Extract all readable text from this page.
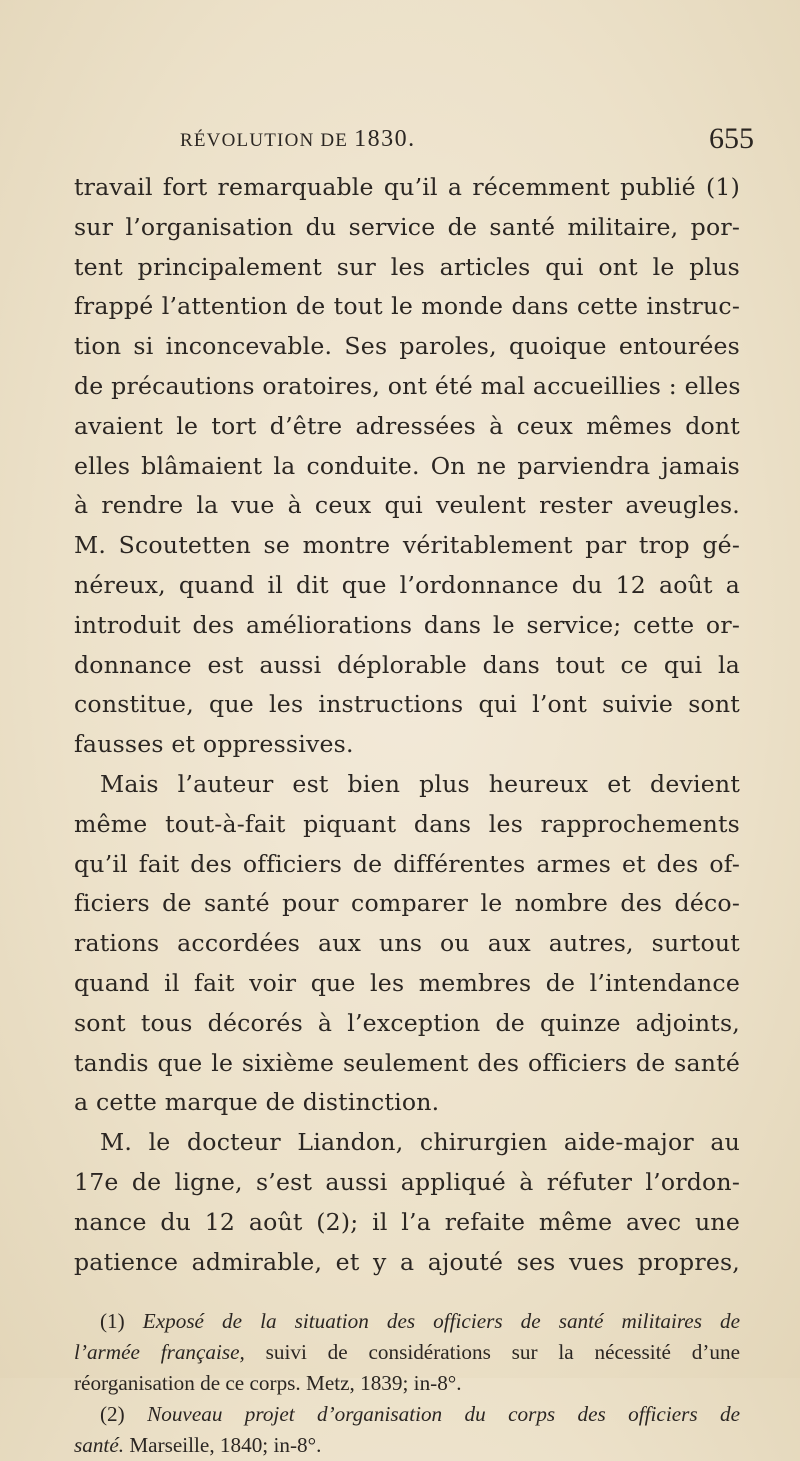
RÉVOLUTION DE 1830.	655
travail fort remarquable qu’il a récemment publié (1)
sur l’organisation du service de santé militaire, por-
tent principalement sur les articles qui ont le plus
frappé l’attention de tout le monde dans cette instruc-
tion si inconcevable. Ses paroles, quoique entourées
de précautions oratoires, ont été mal accueillies : elles
avaient le tort d’être adressées à ceux mêmes dont
elles blâmaient la conduite. On ne parviendra jamais
à rendre la vue à ceux qui veulent rester aveugles.
M. Scoutetten se montre véritablement par trop gé-
néreux, quand il dit que l’ordonnance du 12 août a
introduit des améliorations dans le service; cette or-
donnance est aussi déplorable dans tout ce qui la
constitue, que les instructions qui l’ont suivie sont
fausses et oppressives.
Mais l’auteur est bien plus heureux et devient
même tout-à-fait piquant dans les rapprochements
qu’il fait des officiers de différentes armes et des of-
ficiers de santé pour comparer le nombre des déco-
rations accordées aux uns ou aux autres, surtout
quand il fait voir que les membres de l’intendance
sont tous décorés à l’exception de quinze adjoints,
tandis que le sixième seulement des officiers de santé
a cette marque de distinction.
M. le docteur Liandon, chirurgien aide-major au
17e de ligne, s’est aussi appliqué à réfuter l’ordon-
nance du 12 août (2); il l’a refaite même avec une
patience admirable, et y a ajouté ses vues propres,
(1) Exposé de la situation des officiers de santé militaires de
l’armée française, suivi de considérations sur la nécessité d’une
réorganisation de ce corps. Metz, 1839; in-8°.
(2) Nouveau projet d’organisation du corps des officiers de
santé. Marseille, 1840; in-8°.
